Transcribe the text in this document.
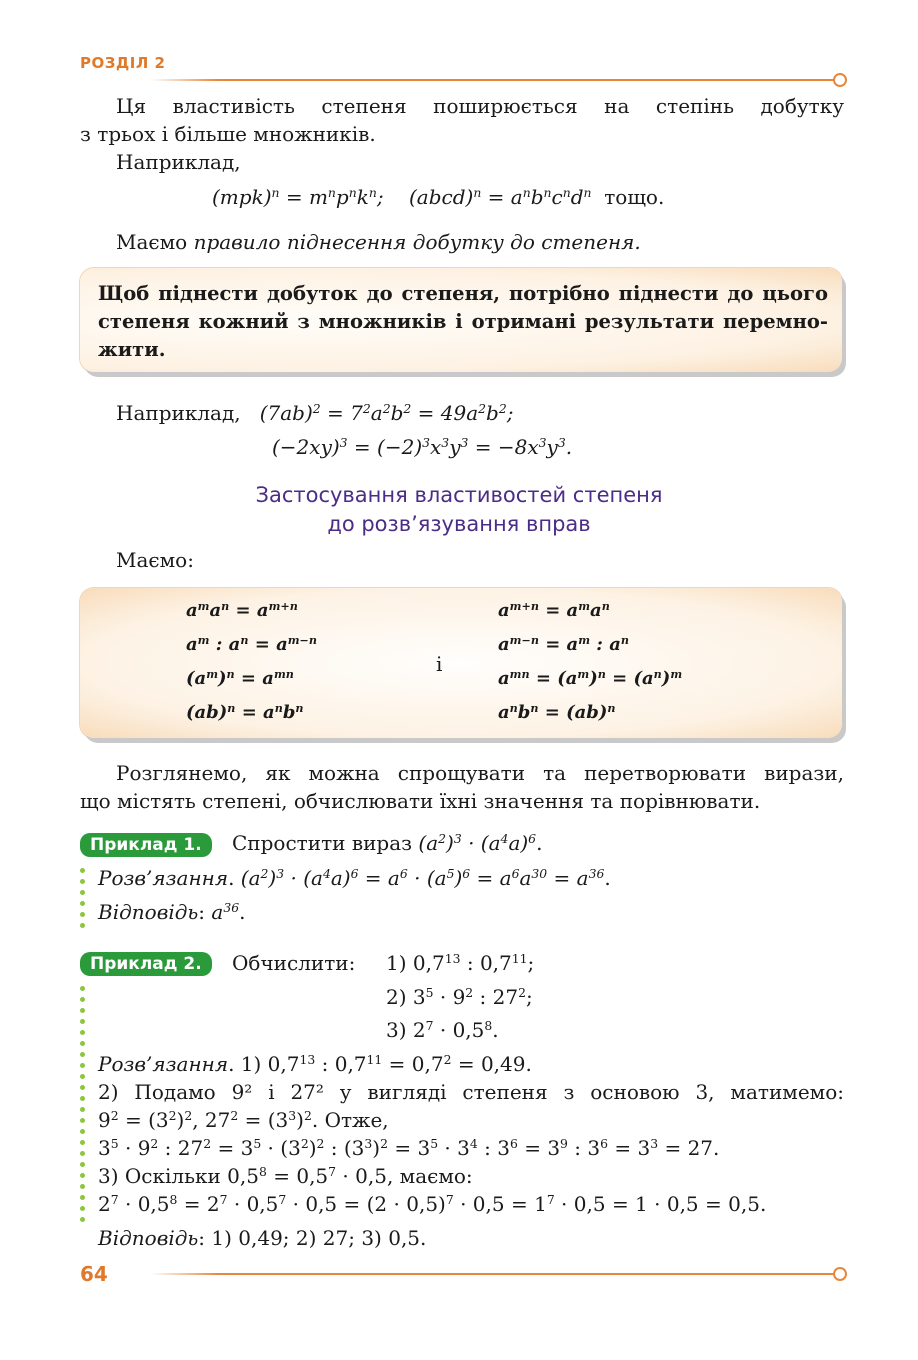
РОЗДІЛ 2
Ця властивість степеня поширюється на степінь добутку
з трьох і більше множників.
Наприклад,
$(mpk)^n = m^np^nk^n$; (abcd)$^n$ = $a^nb^nc^nd^n$ тощо.
Маємо правило піднесення добутку до степеня.
Щоб піднести добуток до степеня, потрібно піднести до цього
степеня кожний з множників і отримані результати перемно-
жити.
Наприклад, $(7ab)^2 = 7^2a^2b^2 = 49a^2b^2$;
$(-2xy)^3 = (-2)^3x^3y^3 = -8x^3y^3$.
Застосування властивостей степеня
до розв’язування вправ
Маємо:
$a^ma^n = a^{m+n}$
$a^m$ : $a^n = a^{m-n}$
$(a^m)^n = a^{mn}$
$(ab)^n = a^nb^n$
і
$a^{m+n} = a^ma^n$
$a^{m-n} = a^m$ : $a^n$
$a^{mn} = (a^m)^n = (a^n)^m$
$a^nb^n = (ab)^n$
Розглянемо, як можна спрощувати та перетворювати вирази,
що містять степені, обчислювати їхні значення та порівнювати.
Приклад 1.	Спростити вираз $(a^2)^3 \cdot (a^4a)^6$.
Розв’язання. $(a^2)^3 \cdot (a^4a)^6 = a^6 \cdot (a^5)^6 = a^6a^{30} = a^{36}$.
Відповідь: $a^{36}$.
Приклад 2.	Обчислити: 1) $0,7^{13}$ : $0,7^{11}$;
2) $3^5 \cdot 9^2$ : $27^2$;
3) $2^7 \cdot 0,5^8$.
Розв’язання. 1) $0,7^{13}$ : $0,7^{11} = 0,7^2 = 0,49$.
2) Подамо 9² і 27² у вигляді степеня з основою 3, матимемо:
$9^2 = (3^2)^2$, $27^2 = (3^3)^2$. Отже,
$3^5 \cdot 9^2$ : $27^2 = 3^5 \cdot (3^2)^2$ : $(3^3)^2 = 3^5 \cdot 3^4$ : $3^6 = 3^9$ : $3^6 = 3^3 = 27$.
3) Оскільки $0,5^8 = 0,5^7 \cdot 0,5$, маємо:
$2^7 \cdot 0,5^8 = 2^7 \cdot 0,5^7 \cdot 0,5 = (2 \cdot 0,5)^7 \cdot 0,5 = 1^7 \cdot 0,5 = 1 \cdot 0,5 = 0,5$.
Відповідь: 1) 0,49; 2) 27; 3) 0,5.
64
